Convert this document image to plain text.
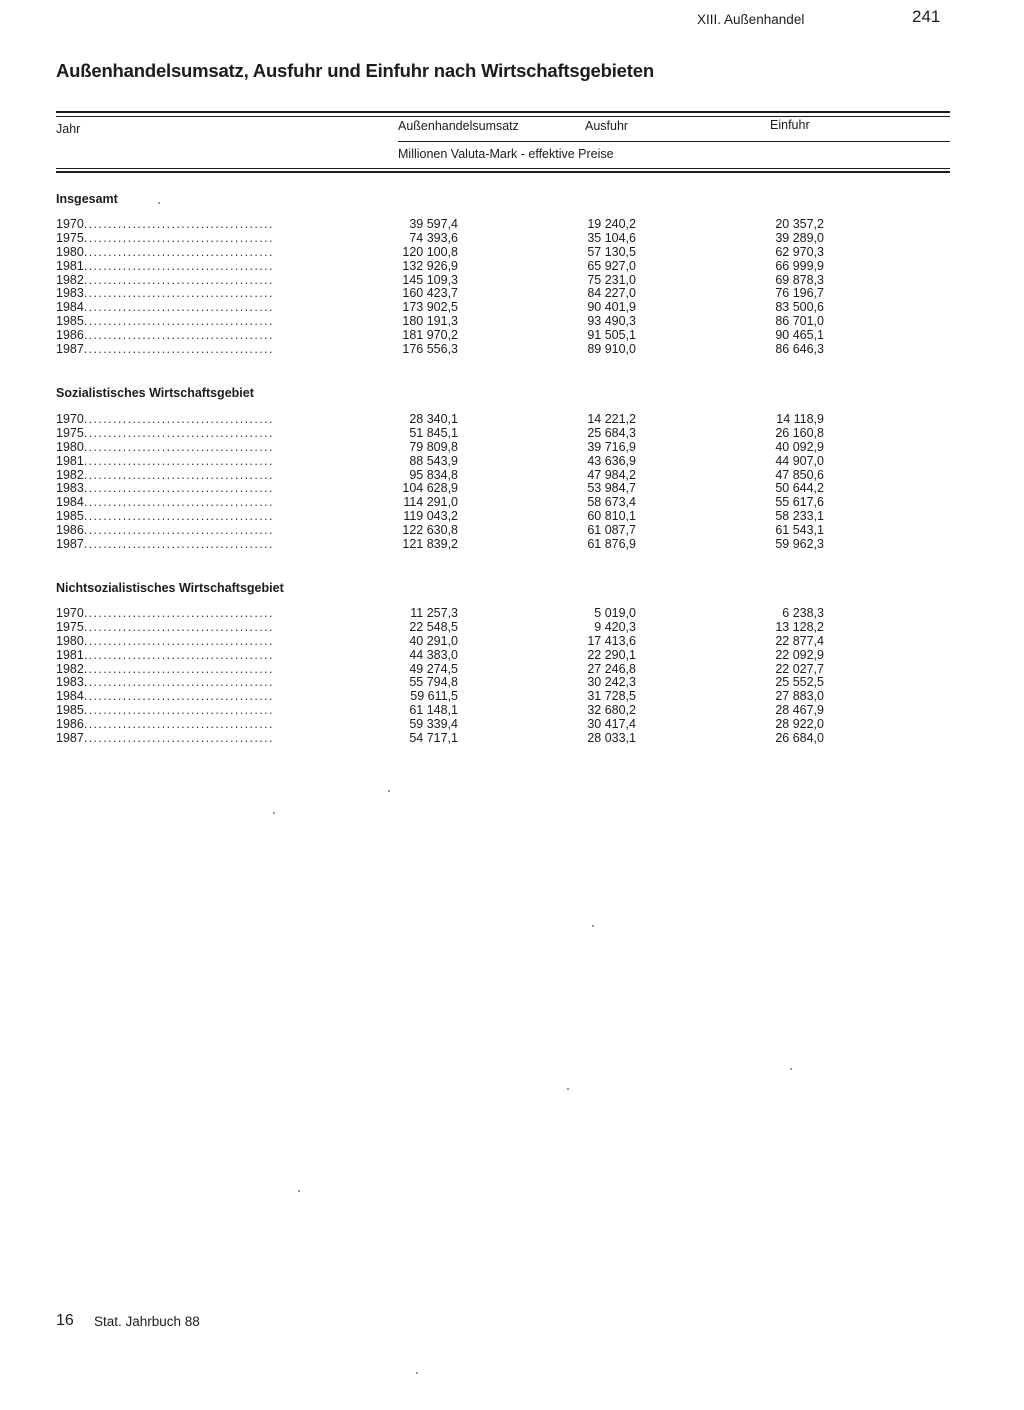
XIII. Außenhandel	241
Außenhandelsumsatz, Ausfuhr und Einfuhr nach Wirtschaftsgebieten
Jahr	Außenhandelsumsatz	Ausfuhr	Einfuhr
Millionen Valuta-Mark - effektive Preise
Insgesamt
1970.......................................	39 597,4	19 240,2	20 357,2
1975.......................................	74 393,6	35 104,6	39 289,0
1980.......................................	120 100,8	57 130,5	62 970,3
1981.......................................	132 926,9	65 927,0	66 999,9
1982.......................................	145 109,3	75 231,0	69 878,3
1983.......................................	160 423,7	84 227,0	76 196,7
1984.......................................	173 902,5	90 401,9	83 500,6
1985.......................................	180 191,3	93 490,3	86 701,0
1986.......................................	181 970,2	91 505,1	90 465,1
1987.......................................	176 556,3	89 910,0	86 646,3
Sozialistisches Wirtschaftsgebiet
1970.......................................	28 340,1	14 221,2	14 118,9
1975.......................................	51 845,1	25 684,3	26 160,8
1980.......................................	79 809,8	39 716,9	40 092,9
1981.......................................	88 543,9	43 636,9	44 907,0
1982.......................................	95 834,8	47 984,2	47 850,6
1983.......................................	104 628,9	53 984,7	50 644,2
1984.......................................	114 291,0	58 673,4	55 617,6
1985.......................................	119 043,2	60 810,1	58 233,1
1986.......................................	122 630,8	61 087,7	61 543,1
1987.......................................	121 839,2	61 876,9	59 962,3
Nichtsozialistisches Wirtschaftsgebiet
1970.......................................	11 257,3	5 019,0	6 238,3
1975.......................................	22 548,5	9 420,3	13 128,2
1980.......................................	40 291,0	17 413,6	22 877,4
1981.......................................	44 383,0	22 290,1	22 092,9
1982.......................................	49 274,5	27 246,8	22 027,7
1983.......................................	55 794,8	30 242,3	25 552,5
1984.......................................	59 611,5	31 728,5	27 883,0
1985.......................................	61 148,1	32 680,2	28 467,9
1986.......................................	59 339,4	30 417,4	28 922,0
1987.......................................	54 717,1	28 033,1	26 684,0
16 Stat. Jahrbuch 88
